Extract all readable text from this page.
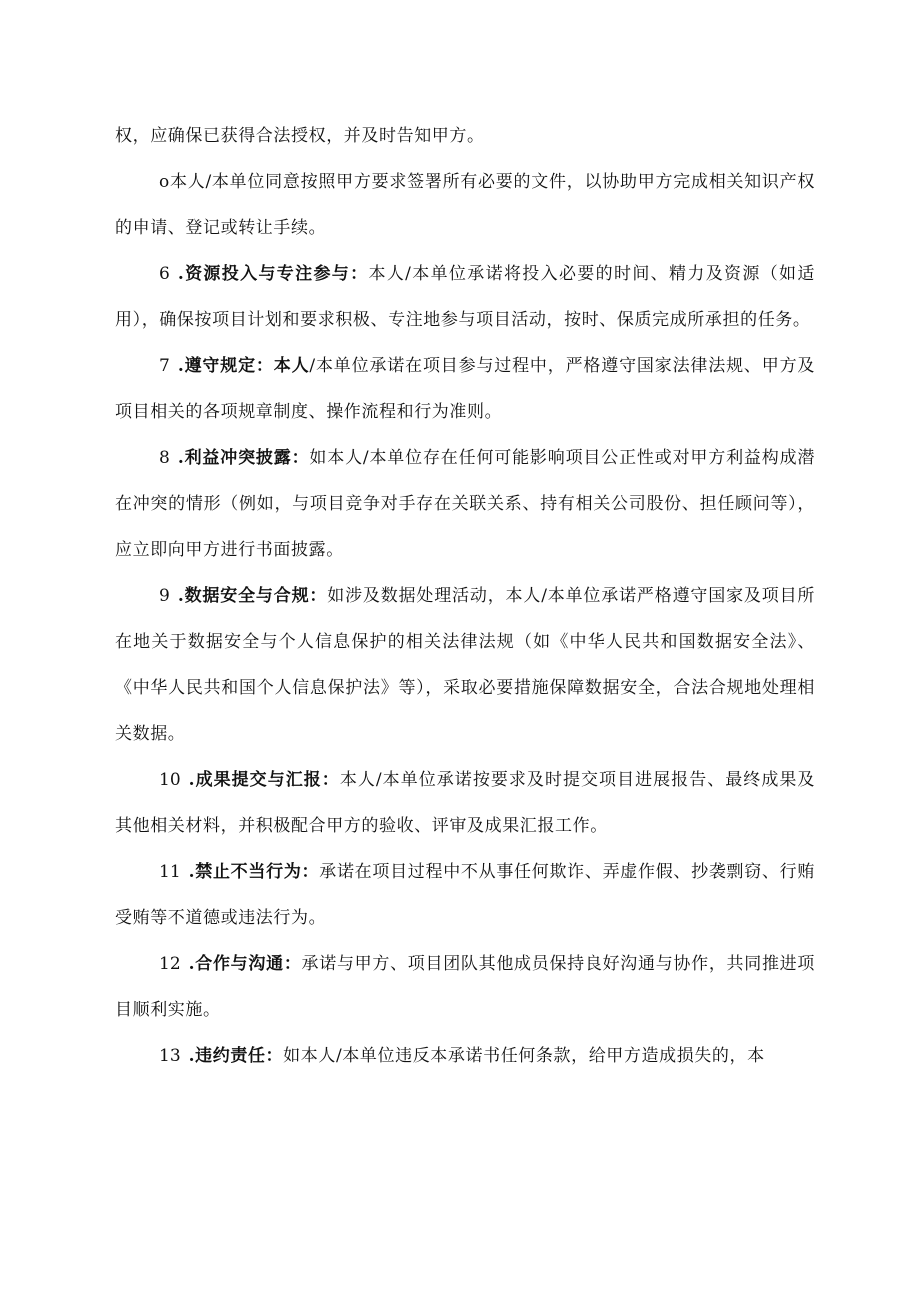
权，应确保已获得合法授权，并及时告知甲方。

o本人/本单位同意按照甲方要求签署所有必要的文件，以协助甲方完成相关知识产权的申请、登记或转让手续。

6 .资源投入与专注参与：本人/本单位承诺将投入必要的时间、精力及资源（如适用），确保按项目计划和要求积极、专注地参与项目活动，按时、保质完成所承担的任务。

7 .遵守规定：本人/本单位承诺在项目参与过程中，严格遵守国家法律法规、甲方及项目相关的各项规章制度、操作流程和行为准则。

8 .利益冲突披露：如本人/本单位存在任何可能影响项目公正性或对甲方利益构成潜在冲突的情形（例如，与项目竞争对手存在关联关系、持有相关公司股份、担任顾问等），应立即向甲方进行书面披露。

9 .数据安全与合规：如涉及数据处理活动，本人/本单位承诺严格遵守国家及项目所在地关于数据安全与个人信息保护的相关法律法规（如《中华人民共和国数据安全法》、《中华人民共和国个人信息保护法》等），采取必要措施保障数据安全，合法合规地处理相关数据。

10 .成果提交与汇报：本人/本单位承诺按要求及时提交项目进展报告、最终成果及其他相关材料，并积极配合甲方的验收、评审及成果汇报工作。

11 .禁止不当行为：承诺在项目过程中不从事任何欺诈、弄虚作假、抄袭剽窃、行贿受贿等不道德或违法行为。

12 .合作与沟通：承诺与甲方、项目团队其他成员保持良好沟通与协作，共同推进项目顺利实施。

13 .违约责任：如本人/本单位违反本承诺书任何条款，给甲方造成损失的，本
